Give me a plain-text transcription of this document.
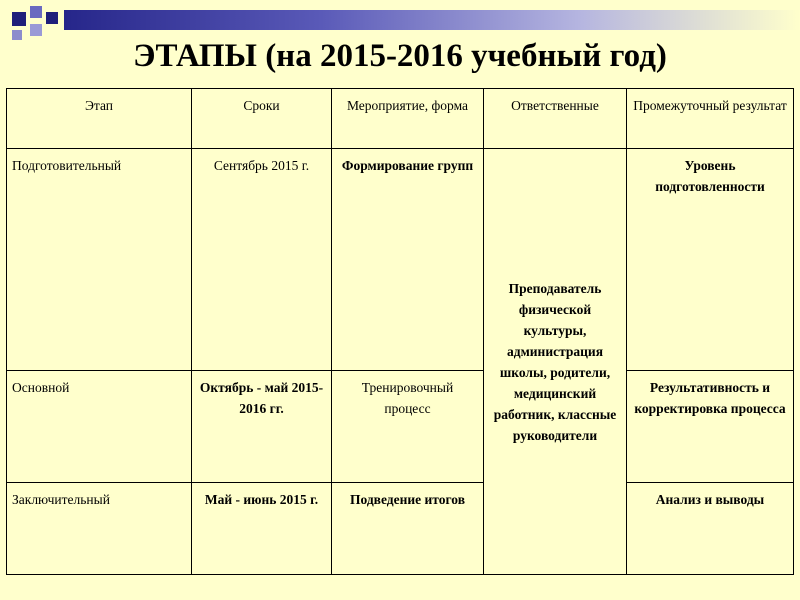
ЭТАПЫ (на 2015-2016 учебный год)
Этап	Сроки	Мероприятие, форма	Ответственные	Промежуточный результат
Подготовительный	Сентябрь 2015 г.	Формирование групп	Преподаватель физической культуры, администрация школы, родители, медицинский работник, классные руководители	Уровень подготовленности
Основной	Октябрь - май 2015-2016 гг.	Тренировочный процесс		Результативность и корректировка процесса
Заключительный	Май - июнь 2015 г.	Подведение итогов		Анализ и выводы
